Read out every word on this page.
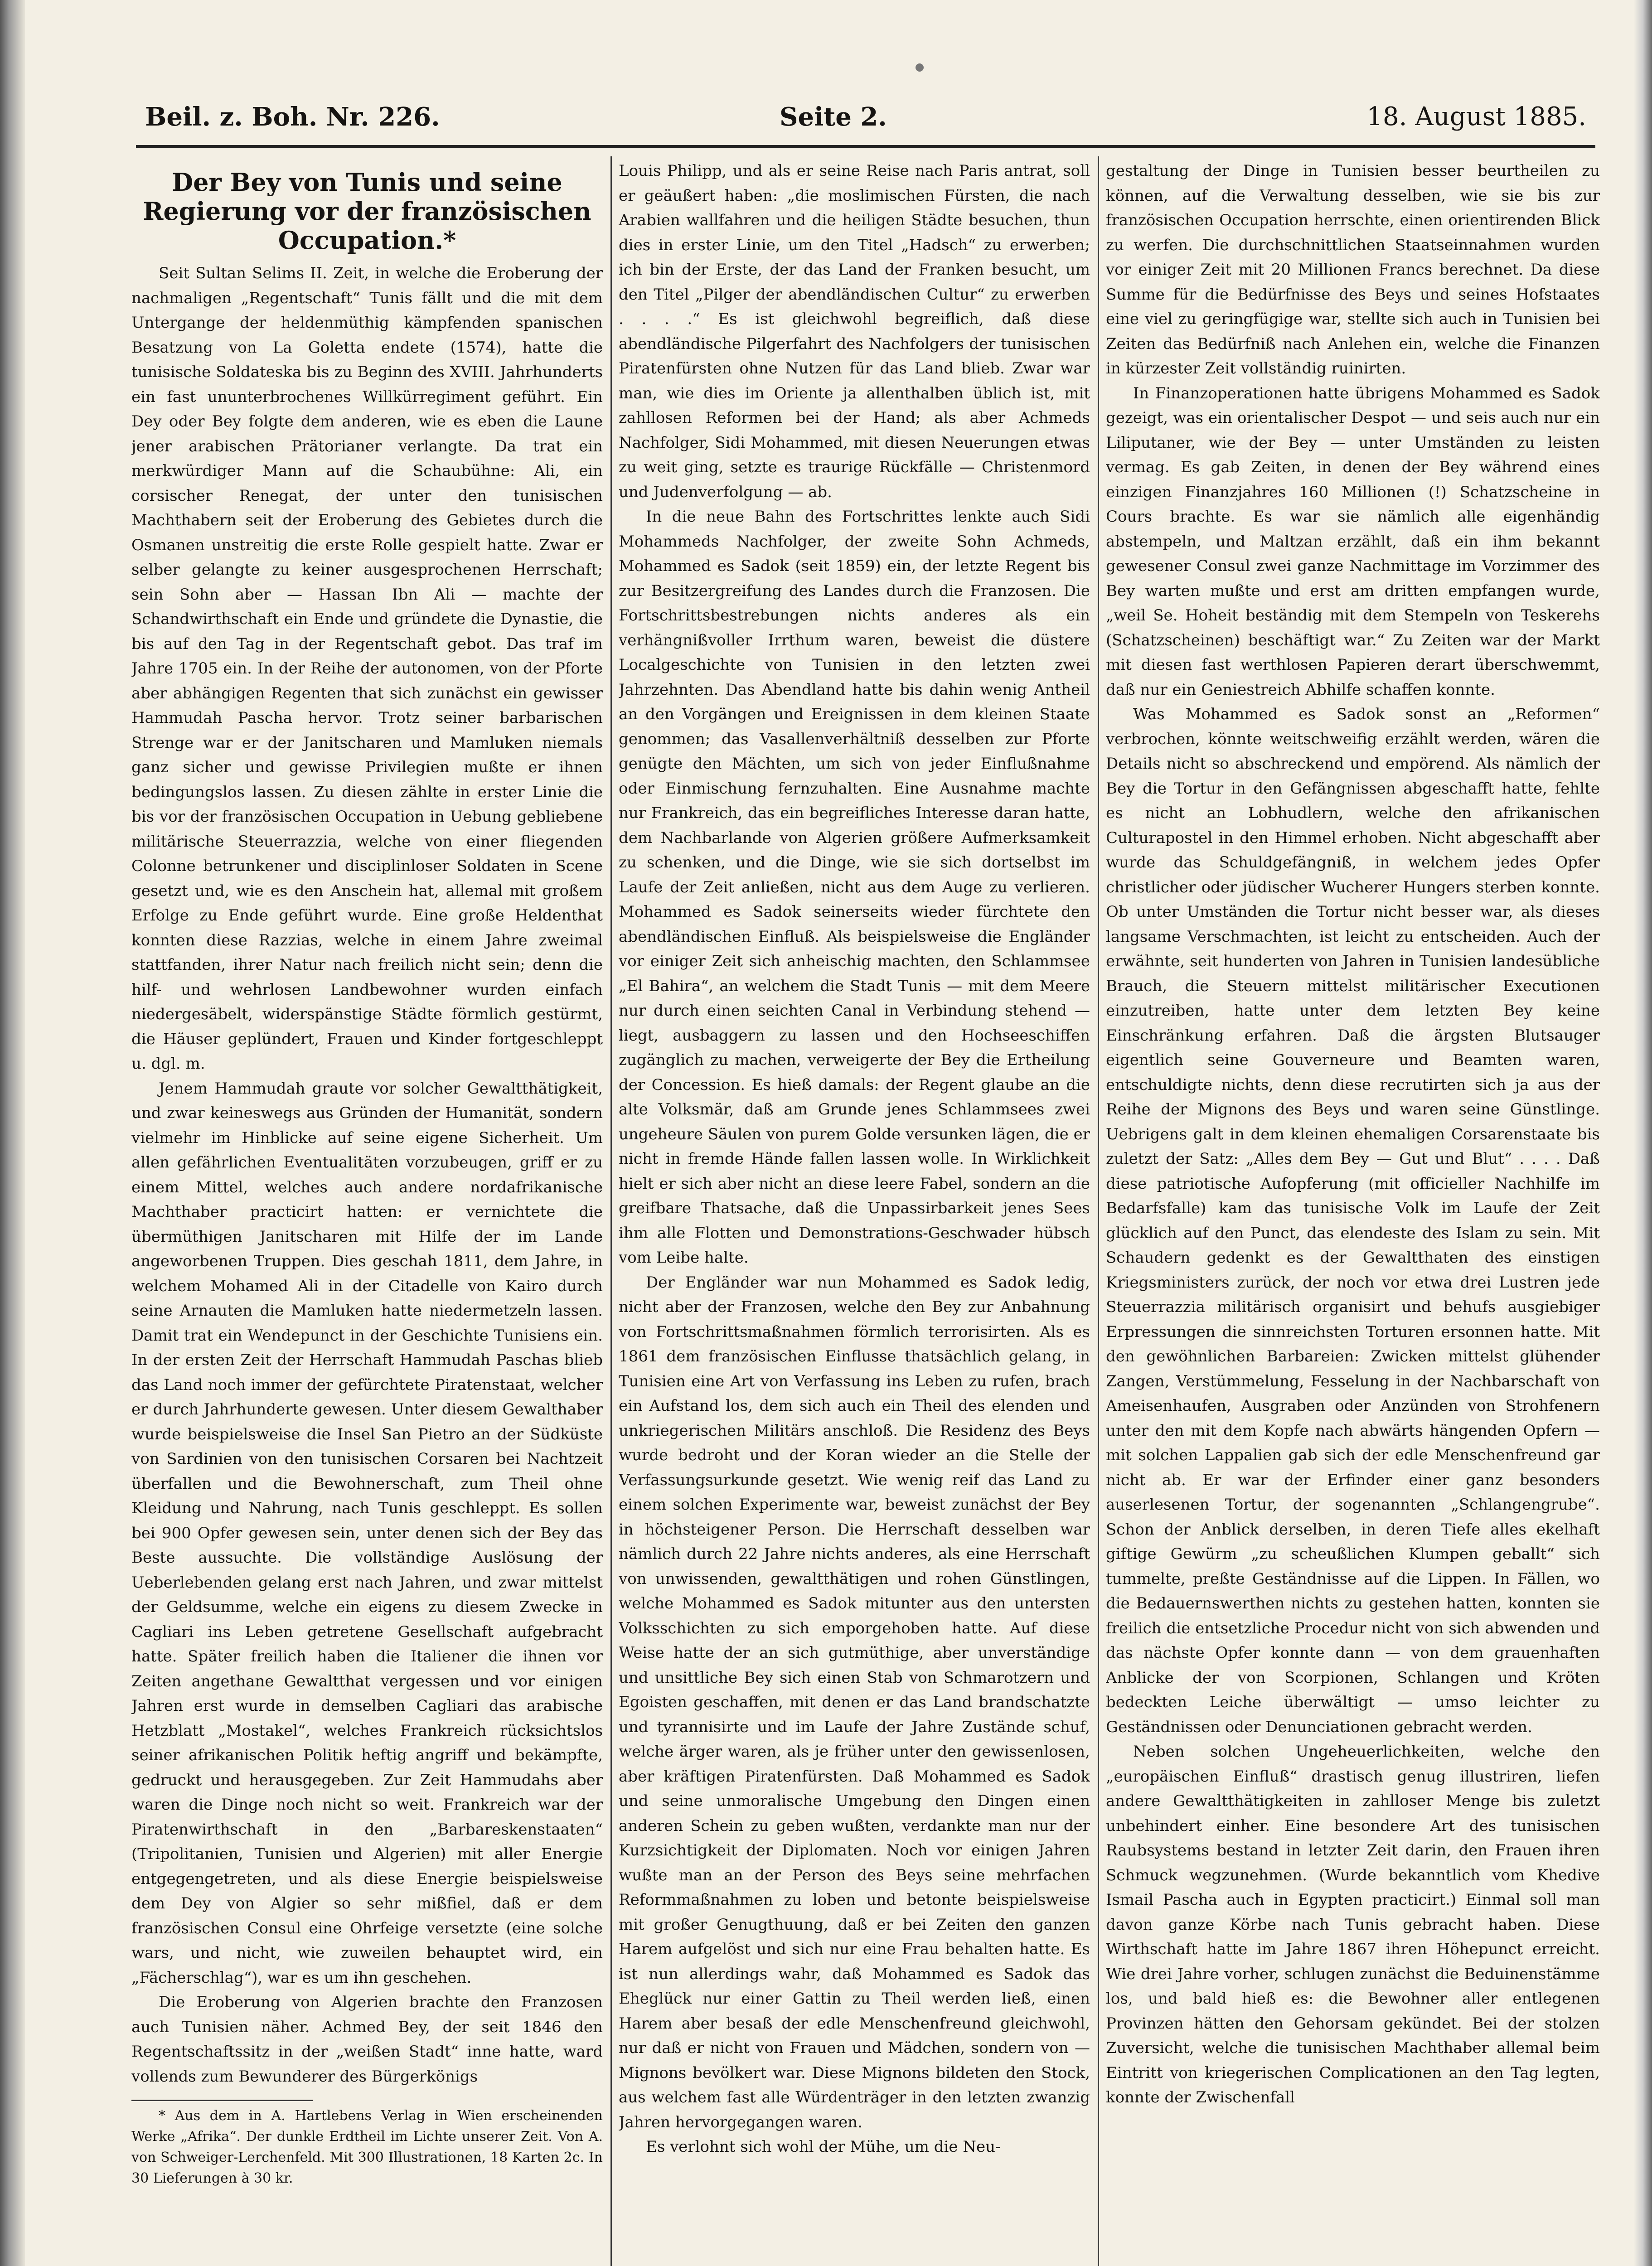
Beil. z. Boh. Nr. 226.	Seite 2.	18. August 1885.
Der Bey von Tunis und seine Regierung vor der französischen Occupation.*

Seit Sultan Selims II. Zeit, in welche die Eroberung der nachmaligen „Regentschaft“ Tunis fällt und die mit dem Untergange der heldenmüthig kämpfenden spanischen Besatzung von La Goletta endete (1574), hatte die tunisische Soldateska bis zu Beginn des XVIII. Jahrhunderts ein fast ununterbrochenes Willkürregiment geführt. Ein Dey oder Bey folgte dem anderen, wie es eben die Laune jener arabischen Prätorianer verlangte. Da trat ein merkwürdiger Mann auf die Schaubühne: Ali, ein corsischer Renegat, der unter den tunisischen Machthabern seit der Eroberung des Gebietes durch die Osmanen unstreitig die erste Rolle gespielt hatte. Zwar er selber gelangte zu keiner ausgesprochenen Herrschaft; sein Sohn aber — Hassan Ibn Ali — machte der Schandwirthschaft ein Ende und gründete die Dynastie, die bis auf den Tag in der Regentschaft gebot. Das traf im Jahre 1705 ein. In der Reihe der autonomen, von der Pforte aber abhängigen Regenten that sich zunächst ein gewisser Hammudah Pascha hervor. Trotz seiner barbarischen Strenge war er der Janitscharen und Mamluken niemals ganz sicher und gewisse Privilegien mußte er ihnen bedingungslos lassen. Zu diesen zählte in erster Linie die bis vor der französischen Occupation in Uebung gebliebene militärische Steuerrazzia, welche von einer fliegenden Colonne betrunkener und disciplinloser Soldaten in Scene gesetzt und, wie es den Anschein hat, allemal mit großem Erfolge zu Ende geführt wurde. Eine große Heldenthat konnten diese Razzias, welche in einem Jahre zweimal stattfanden, ihrer Natur nach freilich nicht sein; denn die hilf- und wehrlosen Landbewohner wurden einfach niedergesäbelt, widerspänstige Städte förmlich gestürmt, die Häuser geplündert, Frauen und Kinder fortgeschleppt u. dgl. m.

Jenem Hammudah graute vor solcher Gewaltthätigkeit, und zwar keineswegs aus Gründen der Humanität, sondern vielmehr im Hinblicke auf seine eigene Sicherheit. Um allen gefährlichen Eventualitäten vorzubeugen, griff er zu einem Mittel, welches auch andere nordafrikanische Machthaber practicirt hatten: er vernichtete die übermüthigen Janitscharen mit Hilfe der im Lande angeworbenen Truppen. Dies geschah 1811, dem Jahre, in welchem Mohamed Ali in der Citadelle von Kairo durch seine Arnauten die Mamluken hatte niedermetzeln lassen. Damit trat ein Wendepunct in der Geschichte Tunisiens ein. In der ersten Zeit der Herrschaft Hammudah Paschas blieb das Land noch immer der gefürchtete Piratenstaat, welcher er durch Jahrhunderte gewesen. Unter diesem Gewalthaber wurde beispielsweise die Insel San Pietro an der Südküste von Sardinien von den tunisischen Corsaren bei Nachtzeit überfallen und die Bewohnerschaft, zum Theil ohne Kleidung und Nahrung, nach Tunis geschleppt. Es sollen bei 900 Opfer gewesen sein, unter denen sich der Bey das Beste aussuchte. Die vollständige Auslösung der Ueberlebenden gelang erst nach Jahren, und zwar mittelst der Geldsumme, welche ein eigens zu diesem Zwecke in Cagliari ins Leben getretene Gesellschaft aufgebracht hatte. Später freilich haben die Italiener die ihnen vor Zeiten angethane Gewaltthat vergessen und vor einigen Jahren erst wurde in demselben Cagliari das arabische Hetzblatt „Mostakel“, welches Frankreich rücksichtslos seiner afrikanischen Politik heftig angriff und bekämpfte, gedruckt und herausgegeben. Zur Zeit Hammudahs aber waren die Dinge noch nicht so weit. Frankreich war der Piratenwirthschaft in den „Barbareskenstaaten“ (Tripolitanien, Tunisien und Algerien) mit aller Energie entgegengetreten, und als diese Energie beispielsweise dem Dey von Algier so sehr mißfiel, daß er dem französischen Consul eine Ohrfeige versetzte (eine solche wars, und nicht, wie zuweilen behauptet wird, ein „Fächerschlag“), war es um ihn geschehen.

Die Eroberung von Algerien brachte den Franzosen auch Tunisien näher. Achmed Bey, der seit 1846 den Regentschaftssitz in der „weißen Stadt“ inne hatte, ward vollends zum Bewunderer des Bürgerkönigs

* Aus dem in A. Hartlebens Verlag in Wien erscheinenden Werke „Afrika“. Der dunkle Erdtheil im Lichte unserer Zeit. Von A. von Schweiger-Lerchenfeld. Mit 300 Illustrationen, 18 Karten 2c. In 30 Lieferungen à 30 kr.

Louis Philipp, und als er seine Reise nach Paris antrat, soll er geäußert haben: „die moslimischen Fürsten, die nach Arabien wallfahren und die heiligen Städte besuchen, thun dies in erster Linie, um den Titel „Hadsch“ zu erwerben; ich bin der Erste, der das Land der Franken besucht, um den Titel „Pilger der abendländischen Cultur“ zu erwerben . . . .“ Es ist gleichwohl begreiflich, daß diese abendländische Pilgerfahrt des Nachfolgers der tunisischen Piratenfürsten ohne Nutzen für das Land blieb. Zwar war man, wie dies im Oriente ja allenthalben üblich ist, mit zahllosen Reformen bei der Hand; als aber Achmeds Nachfolger, Sidi Mohammed, mit diesen Neuerungen etwas zu weit ging, setzte es traurige Rückfälle — Christenmord und Judenverfolgung — ab.

In die neue Bahn des Fortschrittes lenkte auch Sidi Mohammeds Nachfolger, der zweite Sohn Achmeds, Mohammed es Sadok (seit 1859) ein, der letzte Regent bis zur Besitzergreifung des Landes durch die Franzosen. Die Fortschrittsbestrebungen nichts anderes als ein verhängnißvoller Irrthum waren, beweist die düstere Localgeschichte von Tunisien in den letzten zwei Jahrzehnten. Das Abendland hatte bis dahin wenig Antheil an den Vorgängen und Ereignissen in dem kleinen Staate genommen; das Vasallenverhältniß desselben zur Pforte genügte den Mächten, um sich von jeder Einflußnahme oder Einmischung fernzuhalten. Eine Ausnahme machte nur Frankreich, das ein begreifliches Interesse daran hatte, dem Nachbarlande von Algerien größere Aufmerksamkeit zu schenken, und die Dinge, wie sie sich dortselbst im Laufe der Zeit anließen, nicht aus dem Auge zu verlieren. Mohammed es Sadok seinerseits wieder fürchtete den abendländischen Einfluß. Als beispielsweise die Engländer vor einiger Zeit sich anheischig machten, den Schlammsee „El Bahira“, an welchem die Stadt Tunis — mit dem Meere nur durch einen seichten Canal in Verbindung stehend — liegt, ausbaggern zu lassen und den Hochseeschiffen zugänglich zu machen, verweigerte der Bey die Ertheilung der Concession. Es hieß damals: der Regent glaube an die alte Volksmär, daß am Grunde jenes Schlammsees zwei ungeheure Säulen von purem Golde versunken lägen, die er nicht in fremde Hände fallen lassen wolle. In Wirklichkeit hielt er sich aber nicht an diese leere Fabel, sondern an die greifbare Thatsache, daß die Unpassirbarkeit jenes Sees ihm alle Flotten und Demonstrations-Geschwader hübsch vom Leibe halte.

Der Engländer war nun Mohammed es Sadok ledig, nicht aber der Franzosen, welche den Bey zur Anbahnung von Fortschrittsmaßnahmen förmlich terrorisirten. Als es 1861 dem französischen Einflusse thatsächlich gelang, in Tunisien eine Art von Verfassung ins Leben zu rufen, brach ein Aufstand los, dem sich auch ein Theil des elenden und unkriegerischen Militärs anschloß. Die Residenz des Beys wurde bedroht und der Koran wieder an die Stelle der Verfassungsurkunde gesetzt. Wie wenig reif das Land zu einem solchen Experimente war, beweist zunächst der Bey in höchsteigener Person. Die Herrschaft desselben war nämlich durch 22 Jahre nichts anderes, als eine Herrschaft von unwissenden, gewaltthätigen und rohen Günstlingen, welche Mohammed es Sadok mitunter aus den untersten Volksschichten zu sich emporgehoben hatte. Auf diese Weise hatte der an sich gutmüthige, aber unverständige und unsittliche Bey sich einen Stab von Schmarotzern und Egoisten geschaffen, mit denen er das Land brandschatzte und tyrannisirte und im Laufe der Jahre Zustände schuf, welche ärger waren, als je früher unter den gewissenlosen, aber kräftigen Piratenfürsten. Daß Mohammed es Sadok und seine unmoralische Umgebung den Dingen einen anderen Schein zu geben wußten, verdankte man nur der Kurzsichtigkeit der Diplomaten. Noch vor einigen Jahren wußte man an der Person des Beys seine mehrfachen Reformmaßnahmen zu loben und betonte beispielsweise mit großer Genugthuung, daß er bei Zeiten den ganzen Harem aufgelöst und sich nur eine Frau behalten hatte. Es ist nun allerdings wahr, daß Mohammed es Sadok das Eheglück nur einer Gattin zu Theil werden ließ, einen Harem aber besaß der edle Menschenfreund gleichwohl, nur daß er nicht von Frauen und Mädchen, sondern von — Mignons bevölkert war. Diese Mignons bildeten den Stock, aus welchem fast alle Würdenträger in den letzten zwanzig Jahren hervorgegangen waren.

Es verlohnt sich wohl der Mühe, um die Neu-

gestaltung der Dinge in Tunisien besser beurtheilen zu können, auf die Verwaltung desselben, wie sie bis zur französischen Occupation herrschte, einen orientirenden Blick zu werfen. Die durchschnittlichen Staatseinnahmen wurden vor einiger Zeit mit 20 Millionen Francs berechnet. Da diese Summe für die Bedürfnisse des Beys und seines Hofstaates eine viel zu geringfügige war, stellte sich auch in Tunisien bei Zeiten das Bedürfniß nach Anlehen ein, welche die Finanzen in kürzester Zeit vollständig ruinirten.

In Finanzoperationen hatte übrigens Mohammed es Sadok gezeigt, was ein orientalischer Despot — und seis auch nur ein Liliputaner, wie der Bey — unter Umständen zu leisten vermag. Es gab Zeiten, in denen der Bey während eines einzigen Finanzjahres 160 Millionen (!) Schatzscheine in Cours brachte. Es war sie nämlich alle eigenhändig abstempeln, und Maltzan erzählt, daß ein ihm bekannt gewesener Consul zwei ganze Nachmittage im Vorzimmer des Bey warten mußte und erst am dritten empfangen wurde, „weil Se. Hoheit beständig mit dem Stempeln von Teskerehs (Schatzscheinen) beschäftigt war.“ Zu Zeiten war der Markt mit diesen fast werthlosen Papieren derart überschwemmt, daß nur ein Geniestreich Abhilfe schaffen konnte.

Was Mohammed es Sadok sonst an „Reformen“ verbrochen, könnte weitschweifig erzählt werden, wären die Details nicht so abschreckend und empörend. Als nämlich der Bey die Tortur in den Gefängnissen abgeschafft hatte, fehlte es nicht an Lobhudlern, welche den afrikanischen Culturapostel in den Himmel erhoben. Nicht abgeschafft aber wurde das Schuldgefängniß, in welchem jedes Opfer christlicher oder jüdischer Wucherer Hungers sterben konnte. Ob unter Umständen die Tortur nicht besser war, als dieses langsame Verschmachten, ist leicht zu entscheiden. Auch der erwähnte, seit hunderten von Jahren in Tunisien landesübliche Brauch, die Steuern mittelst militärischer Executionen einzutreiben, hatte unter dem letzten Bey keine Einschränkung erfahren. Daß die ärgsten Blutsauger eigentlich seine Gouverneure und Beamten waren, entschuldigte nichts, denn diese recrutirten sich ja aus der Reihe der Mignons des Beys und waren seine Günstlinge. Uebrigens galt in dem kleinen ehemaligen Corsarenstaate bis zuletzt der Satz: „Alles dem Bey — Gut und Blut“ . . . . Daß diese patriotische Aufopferung (mit officieller Nachhilfe im Bedarfsfalle) kam das tunisische Volk im Laufe der Zeit glücklich auf den Punct, das elendeste des Islam zu sein. Mit Schaudern gedenkt es der Gewaltthaten des einstigen Kriegsministers zurück, der noch vor etwa drei Lustren jede Steuerrazzia militärisch organisirt und behufs ausgiebiger Erpressungen die sinnreichsten Torturen ersonnen hatte. Mit den gewöhnlichen Barbareien: Zwicken mittelst glühender Zangen, Verstümmelung, Fesselung in der Nachbarschaft von Ameisenhaufen, Ausgraben oder Anzünden von Strohfenern unter den mit dem Kopfe nach abwärts hängenden Opfern — mit solchen Lappalien gab sich der edle Menschenfreund gar nicht ab. Er war der Erfinder einer ganz besonders auserlesenen Tortur, der sogenannten „Schlangengrube“. Schon der Anblick derselben, in deren Tiefe alles ekelhaft giftige Gewürm „zu scheußlichen Klumpen geballt“ sich tummelte, preßte Geständnisse auf die Lippen. In Fällen, wo die Bedauernswerthen nichts zu gestehen hatten, konnten sie freilich die entsetzliche Procedur nicht von sich abwenden und das nächste Opfer konnte dann — von dem grauenhaften Anblicke der von Scorpionen, Schlangen und Kröten bedeckten Leiche überwältigt — umso leichter zu Geständnissen oder Denunciationen gebracht werden.

Neben solchen Ungeheuerlichkeiten, welche den „europäischen Einfluß“ drastisch genug illustriren, liefen andere Gewaltthätigkeiten in zahlloser Menge bis zuletzt unbehindert einher. Eine besondere Art des tunisischen Raubsystems bestand in letzter Zeit darin, den Frauen ihren Schmuck wegzunehmen. (Wurde bekanntlich vom Khedive Ismail Pascha auch in Egypten practicirt.) Einmal soll man davon ganze Körbe nach Tunis gebracht haben. Diese Wirthschaft hatte im Jahre 1867 ihren Höhepunct erreicht. Wie drei Jahre vorher, schlugen zunächst die Beduinenstämme los, und bald hieß es: die Bewohner aller entlegenen Provinzen hätten den Gehorsam gekündet. Bei der stolzen Zuversicht, welche die tunisischen Machthaber allemal beim Eintritt von kriegerischen Complicationen an den Tag legten, konnte der Zwischenfall
